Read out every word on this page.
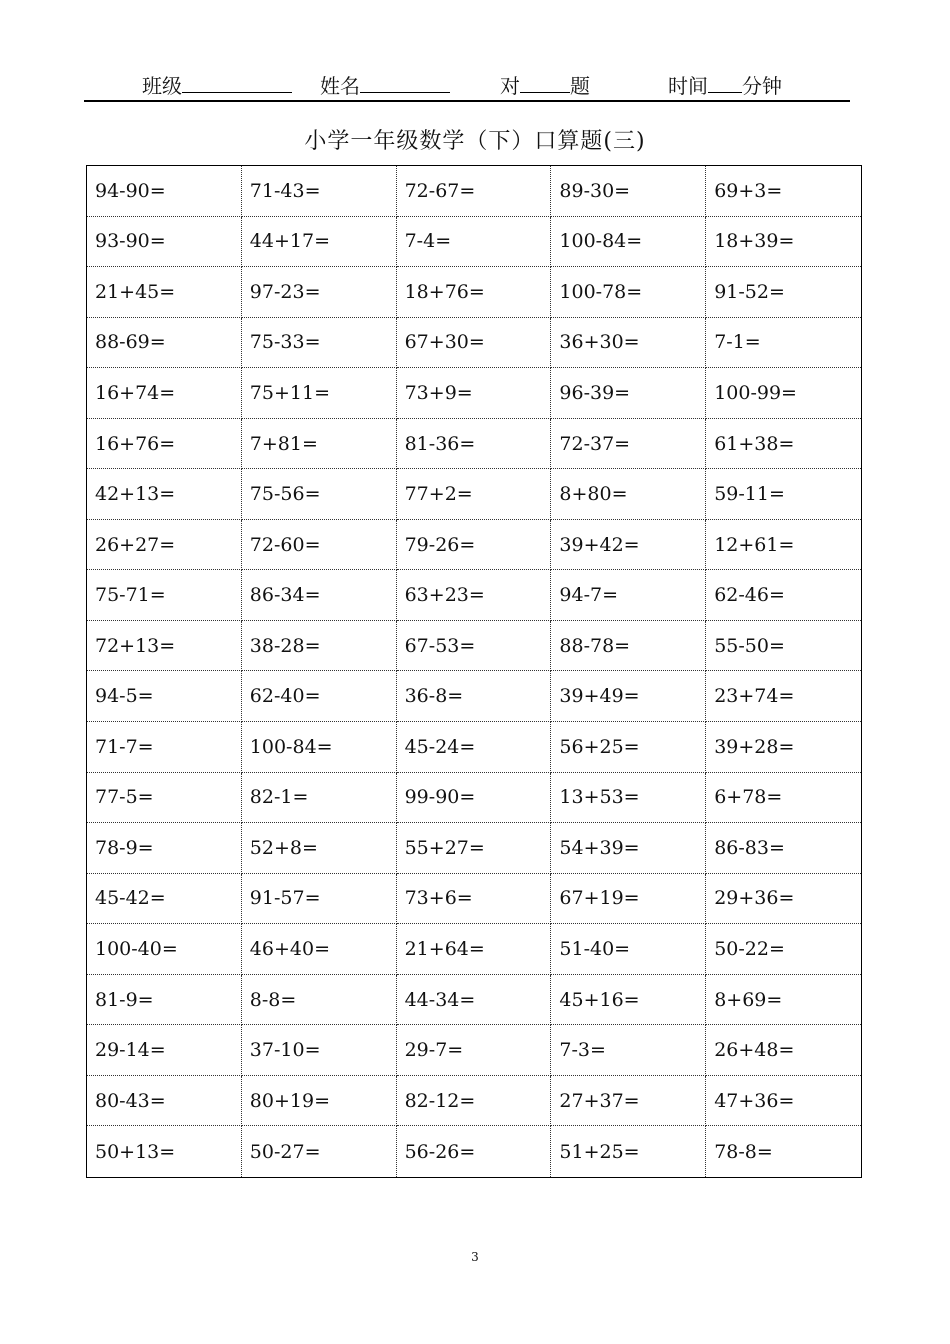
班级	姓名	对	题	时间 分钟
小学一年级数学（下）口算题(三)
94-90=	71-43=	72-67=	89-30=	69+3=
93-90=	44+17=	7-4=	100-84=	18+39=
21+45=	97-23=	18+76=	100-78=	91-52=
88-69=	75-33=	67+30=	36+30=	7-1=
16+74=	75+11=	73+9=	96-39=	100-99=
16+76=	7+81=	81-36=	72-37=	61+38=
42+13=	75-56=	77+2=	8+80=	59-11=
26+27=	72-60=	79-26=	39+42=	12+61=
75-71=	86-34=	63+23=	94-7=	62-46=
72+13=	38-28=	67-53=	88-78=	55-50=
94-5=	62-40=	36-8=	39+49=	23+74=
71-7=	100-84=	45-24=	56+25=	39+28=
77-5=	82-1=	99-90=	13+53=	6+78=
78-9=	52+8=	55+27=	54+39=	86-83=
45-42=	91-57=	73+6=	67+19=	29+36=
100-40=	46+40=	21+64=	51-40=	50-22=
81-9=	8-8=	44-34=	45+16=	8+69=
29-14=	37-10=	29-7=	7-3=	26+48=
80-43=	80+19=	82-12=	27+37=	47+36=
50+13=	50-27=	56-26=	51+25=	78-8=
3
